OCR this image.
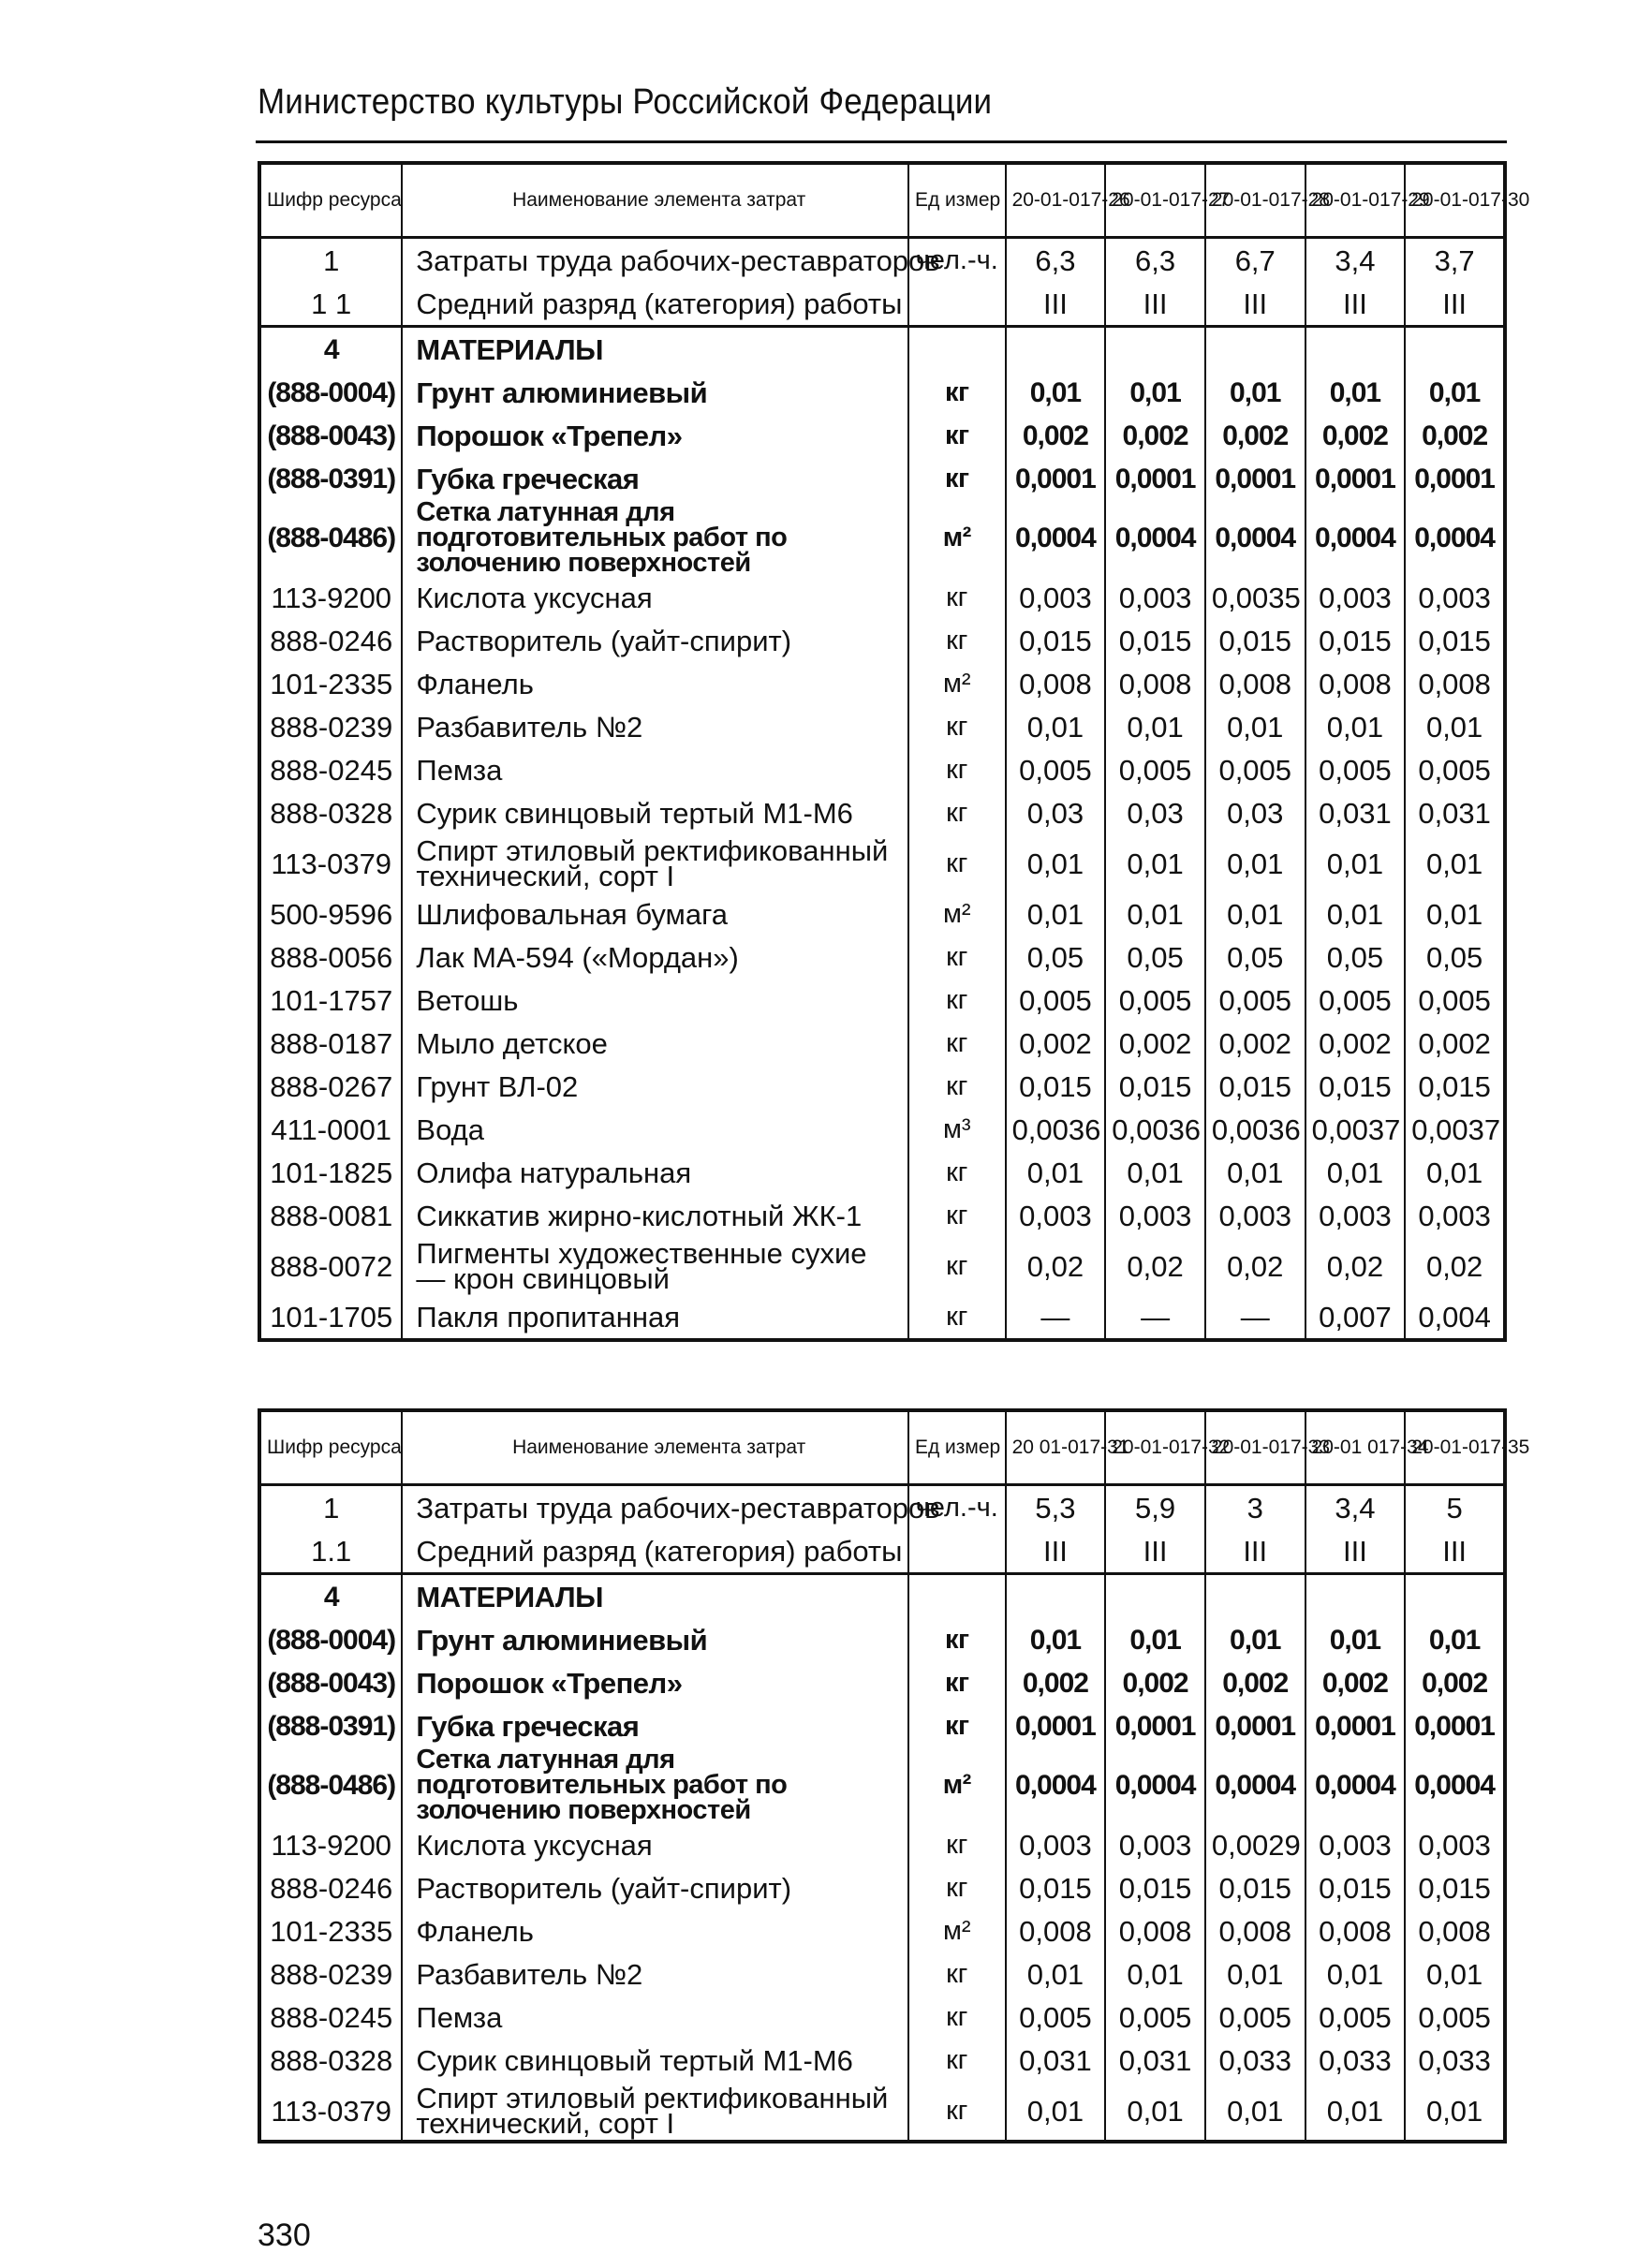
Министерство культуры Российской Федерации
Шифр ресурса	Наименование элемента затрат	Ед измер	20-01-017-26	20-01-017-27	20-01-017-28	20-01-017-29	20-01-017-30
1	Затраты труда рабочих-реставраторов	чел.-ч.	6,3	6,3	6,7	3,4	3,7
1 1	Средний разряд (категория) работы		III	III	III	III	III
4	МАТЕРИАЛЫ						
(888-0004)	Грунт алюминиевый	кг	0,01	0,01	0,01	0,01	0,01
(888-0043)	Порошок «Трепел»	кг	0,002	0,002	0,002	0,002	0,002
(888-0391)	Губка греческая	кг	0,0001	0,0001	0,0001	0,0001	0,0001
(888-0486)	Сетка латунная для подготовительных работ по золочению поверхностей	м²	0,0004	0,0004	0,0004	0,0004	0,0004
113-9200	Кислота уксусная	кг	0,003	0,003	0,0035	0,003	0,003
888-0246	Растворитель (уайт-спирит)	кг	0,015	0,015	0,015	0,015	0,015
101-2335	Фланель	м²	0,008	0,008	0,008	0,008	0,008
888-0239	Разбавитель №2	кг	0,01	0,01	0,01	0,01	0,01
888-0245	Пемза	кг	0,005	0,005	0,005	0,005	0,005
888-0328	Сурик свинцовый тертый М1-М6	кг	0,03	0,03	0,03	0,031	0,031
113-0379	Спирт этиловый ректификованный технический, сорт I	кг	0,01	0,01	0,01	0,01	0,01
500-9596	Шлифовальная бумага	м²	0,01	0,01	0,01	0,01	0,01
888-0056	Лак МА-594 («Мордан»)	кг	0,05	0,05	0,05	0,05	0,05
101-1757	Ветошь	кг	0,005	0,005	0,005	0,005	0,005
888-0187	Мыло детское	кг	0,002	0,002	0,002	0,002	0,002
888-0267	Грунт ВЛ-02	кг	0,015	0,015	0,015	0,015	0,015
411-0001	Вода	м³	0,0036	0,0036	0,0036	0,0037	0,0037
101-1825	Олифа натуральная	кг	0,01	0,01	0,01	0,01	0,01
888-0081	Сиккатив жирно-кислотный ЖК-1	кг	0,003	0,003	0,003	0,003	0,003
888-0072	Пигменты художественные сухие — крон свинцовый	кг	0,02	0,02	0,02	0,02	0,02
101-1705	Пакля пропитанная	кг	—	—	—	0,007	0,004
Шифр ресурса	Наименование элемента затрат	Ед измер	20 01-017-31	20-01-017-32	20-01-017-33	20-01 017-34	20-01-017-35
1	Затраты труда рабочих-реставраторов	чел.-ч.	5,3	5,9	3	3,4	5
1.1	Средний разряд (категория) работы		III	III	III	III	III
4	МАТЕРИАЛЫ						
(888-0004)	Грунт алюминиевый	кг	0,01	0,01	0,01	0,01	0,01
(888-0043)	Порошок «Трепел»	кг	0,002	0,002	0,002	0,002	0,002
(888-0391)	Губка греческая	кг	0,0001	0,0001	0,0001	0,0001	0,0001
(888-0486)	Сетка латунная для подготовительных работ по золочению поверхностей	м²	0,0004	0,0004	0,0004	0,0004	0,0004
113-9200	Кислота уксусная	кг	0,003	0,003	0,0029	0,003	0,003
888-0246	Растворитель (уайт-спирит)	кг	0,015	0,015	0,015	0,015	0,015
101-2335	Фланель	м²	0,008	0,008	0,008	0,008	0,008
888-0239	Разбавитель №2	кг	0,01	0,01	0,01	0,01	0,01
888-0245	Пемза	кг	0,005	0,005	0,005	0,005	0,005
888-0328	Сурик свинцовый тертый М1-М6	кг	0,031	0,031	0,033	0,033	0,033
113-0379	Спирт этиловый ректификованный технический, сорт I	кг	0,01	0,01	0,01	0,01	0,01
330
